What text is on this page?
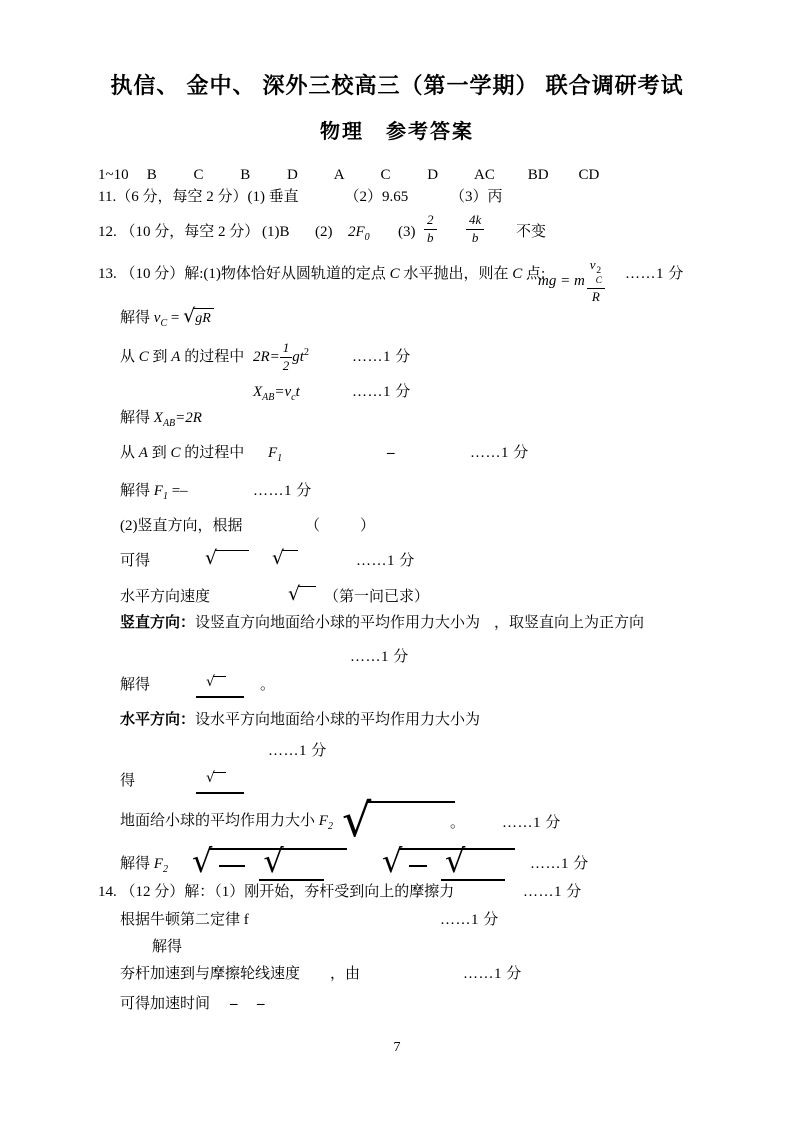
执信、 金中、 深外三校高三（第一学期） 联合调研考试
物理　参考答案
1~10 B C B D A C D AC BD CD
11.（6 分，每空 2 分）(1) 垂直	（2）9.65	（3）丙
12. （10 分，每空 2 分） (1)B (2) $2F_0$ $(3) \frac{2}{b} \frac{4k}{b}$ 不变
13. （10 分）解:(1)物体恰好从圆轨道的定点 C 水平抛出，则在 C 点:
mg = m v 2
C
R ……1 分
解得 $v_C$ = √ gR
从 C 到 A 的过程中 $2R= \frac{1}{2} gt^2$	……1 分
$X_{AB}=v_ct$	……1 分
解得 $X_{AB}=2R$
从 A 到 C 的过程中 $F_1$	–	……1 分
解得 $F_1$ =–	……1 分
(2)竖直方向，根据	（	）
可得	√	√	……1 分
水平方向速度	√ （第一问已求）
竖直方向：设竖直方向地面给小球的平均作用力大小为 ，取竖直向上为正方向
……1 分
解得	√	。
水平方向：设水平方向地面给小球的平均作用力大小为
……1 分
得	√
地面给小球的平均作用力大小 $F_2$ √	。 ……1 分
解得 $F_2$ √ √	√ √	……1 分
14. （12 分）解：（1）刚开始，夯杆受到向上的摩擦力	……1 分
根据牛顿第二定律 f	……1 分
解得
夯杆加速到与摩擦轮线速度 ，由	……1 分
可得加速时间 – –
7
